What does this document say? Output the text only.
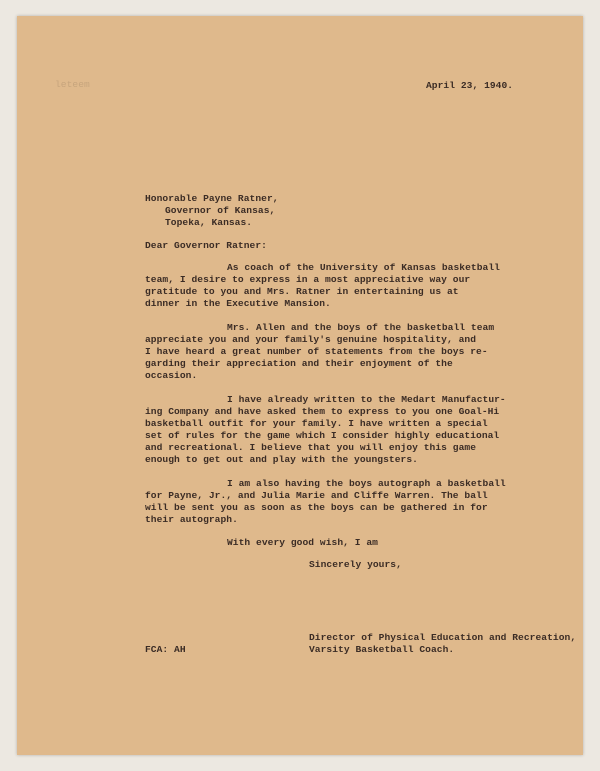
leteem	April 23, 1940.
Honorable Payne Ratner,
Governor of Kansas,
Topeka, Kansas.
Dear Governor Ratner:
As coach of the University of Kansas basketball
team, I desire to express in a most appreciative way our
gratitude to you and Mrs. Ratner in entertaining us at
dinner in the Executive Mansion.
Mrs. Allen and the boys of the basketball team
appreciate you and your family's genuine hospitality, and
I have heard a great number of statements from the boys re-
garding their appreciation and their enjoyment of the
occasion.
I have already written to the Medart Manufactur-
ing Company and have asked them to express to you one Goal-Hi
basketball outfit for your family. I have written a special
set of rules for the game which I consider highly educational
and recreational. I believe that you will enjoy this game
enough to get out and play with the youngsters.
I am also having the boys autograph a basketball
for Payne, Jr., and Julia Marie and Cliffe Warren. The ball
will be sent you as soon as the boys can be gathered in for
their autograph.
With every good wish, I am
Sincerely yours,
FCA: AH
Director of Physical Education and Recreation,
Varsity Basketball Coach.
